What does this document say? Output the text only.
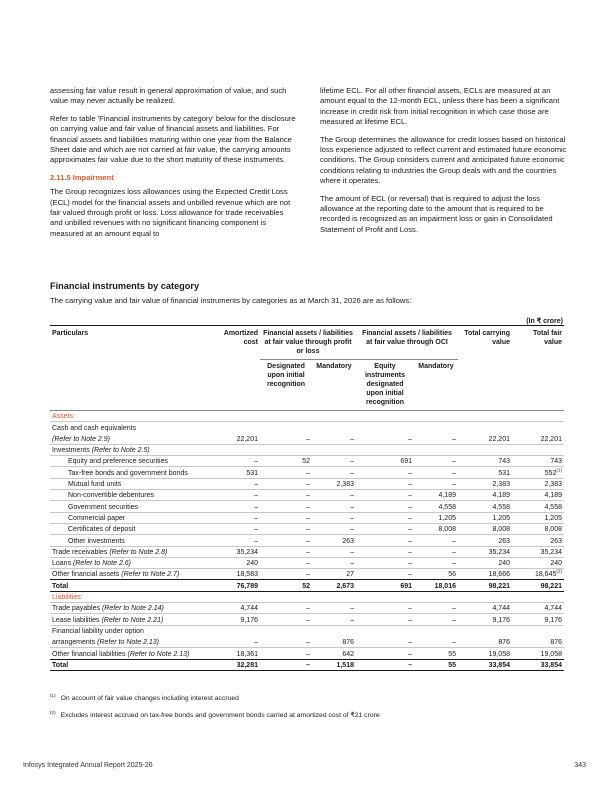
assessing fair value result in general approximation of value, and such value may never actually be realized.

Refer to table 'Financial instruments by category' below for the disclosure on carrying value and fair value of financial assets and liabilities. For financial assets and liabilities maturing within one year from the Balance Sheet date and which are not carried at fair value, the carrying amounts approximates fair value due to the short maturity of these instruments.

2.11.5 Impairment

The Group recognizes loss allowances using the Expected Credit Loss (ECL) model for the financial assets and unbilled revenue which are not fair valued through profit or loss. Loss allowance for trade receivables and unbilled revenues with no significant financing component is measured at an amount equal to

lifetime ECL. For all other financial assets, ECLs are measured at an amount equal to the 12-month ECL, unless there has been a significant increase in credit risk from initial recognition in which case those are measured at lifetime ECL.

The Group determines the allowance for credit losses based on historical loss experience adjusted to reflect current and estimated future economic conditions. The Group considers current and anticipated future economic conditions relating to industries the Group deals with and the countries where it operates.

The amount of ECL (or reversal) that is required to adjust the loss allowance at the reporting date to the amount that is required to be recorded is recognized as an impairment loss or gain in Consolidated Statement of Profit and Loss.

Financial instruments by category
The carrying value and fair value of financial instruments by categories as at March 31, 2026 are as follows:
(In ₹ crore)
Particulars	Amortized cost	Financial assets / liabilities at fair value through profit or loss		Financial assets / liabilities at fair value through OCI		Total carrying value	Total fair value
		Designated upon initial recognition	Mandatory	Equity instruments designated upon initial recognition	Mandatory		
Assets:							
Cash and cash equivalents							
(Refer to Note 2.9)	22,201	–	–	–	–	22,201	22,201
Investments (Refer to Note 2.5)							
Equity and preference securities	–	52	–	691	–	743	743
Tax-free bonds and government bonds	531	–	–	–	–	531	552$^{(1)}$
Mutual fund units	–	–	2,383	–	–	2,383	2,383
Non-convertible debentures	–	–	–	–	4,189	4,189	4,189
Government securities	–	–	–	–	4,558	4,558	4,558
Commercial paper	–	–	–	–	1,205	1,205	1,205
Certificates of deposit	–	–	–	–	8,008	8,008	8,008
Other investments	–	–	263	–	–	263	263
Trade receivables (Refer to Note 2.8)	35,234	–	–	–	–	35,234	35,234
Loans (Refer to Note 2.6)	240	–	–	–	–	240	240
Other financial assets (Refer to Note 2.7)	18,583	–	27	–	56	18,666	18,645$^{(2)}$
Total	76,789	52	2,673	691	18,016	98,221	98,221
Liabilities:							
Trade payables (Refer to Note 2.14)	4,744	–	–	–	–	4,744	4,744
Lease liabilities (Refer to Note 2.21)	9,176	–	–	–	–	9,176	9,176
Financial liability under option							
arrangements (Refer to Note 2.13)	–	–	876	–	–	876	876
Other financial liabilities (Refer to Note 2.13)	18,361	–	642	–	55	19,058	19,058
Total	32,281	–	1,518	–	55	33,854	33,854
$^{(1)}$ On account of fair value changes including interest accrued
$^{(2)}$ Excludes interest accrued on tax-free bonds and government bonds carried at amortized cost of ₹21 crore
Infosys Integrated Annual Report 2025-26	343
